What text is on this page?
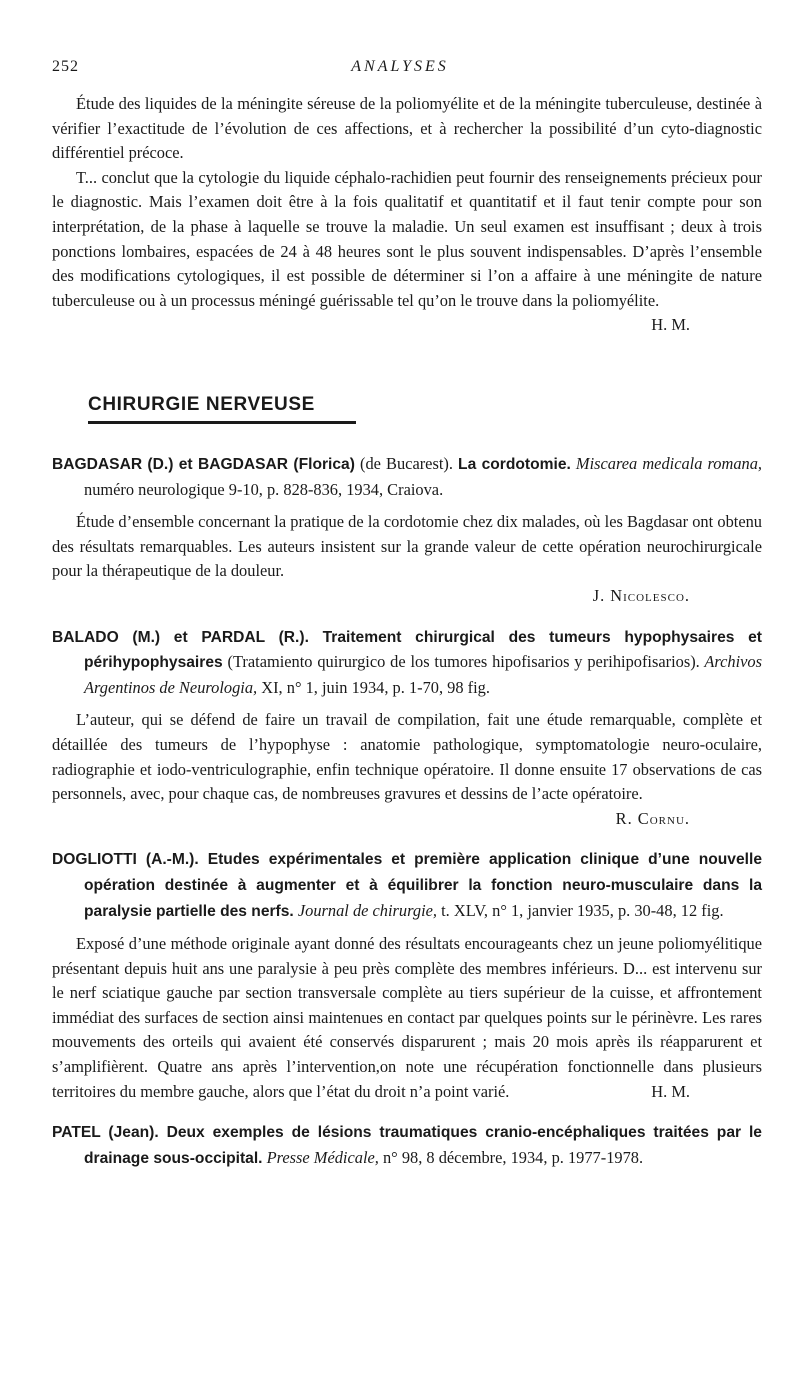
252	ANALYSES

Étude des liquides de la méningite séreuse de la poliomyélite et de la méningite tuberculeuse, destinée à vérifier l’exactitude de l’évolution de ces affections, et à rechercher la possibilité d’un cyto-diagnostic différentiel précoce.

T... conclut que la cytologie du liquide céphalo-rachidien peut fournir des renseignements précieux pour le diagnostic. Mais l’examen doit être à la fois qualitatif et quantitatif et il faut tenir compte pour son interprétation, de la phase à laquelle se trouve la maladie. Un seul examen est insuffisant ; deux à trois ponctions lombaires, espacées de 24 à 48 heures sont le plus souvent indispensables. D’après l’ensemble des modifications cytologiques, il est possible de déterminer si l’on a affaire à une méningite de nature tuberculeuse ou à un processus méningé guérissable tel qu’on le trouve dans la poliomyélite.
H. M.

CHIRURGIE NERVEUSE

BAGDASAR (D.) et BAGDASAR (Florica) (de Bucarest). La cordotomie. Miscarea medicala romana, numéro neurologique 9-10, p. 828-836, 1934, Craiova.

Étude d’ensemble concernant la pratique de la cordotomie chez dix malades, où les Bagdasar ont obtenu des résultats remarquables. Les auteurs insistent sur la grande valeur de cette opération neurochirurgicale pour la thérapeutique de la douleur.

J. Nicolesco.

BALADO (M.) et PARDAL (R.). Traitement chirurgical des tumeurs hypophysaires et périhypophysaires (Tratamiento quirurgico de los tumores hipofisarios y perihipofisarios). Archivos Argentinos de Neurologia, XI, n° 1, juin 1934, p. 1-70, 98 fig.

L’auteur, qui se défend de faire un travail de compilation, fait une étude remarquable, complète et détaillée des tumeurs de l’hypophyse : anatomie pathologique, symptomatologie neuro-oculaire, radiographie et iodo-ventriculographie, enfin technique opératoire. Il donne ensuite 17 observations de cas personnels, avec, pour chaque cas, de nombreuses gravures et dessins de l’acte opératoire.

R. Cornu.

DOGLIOTTI (A.-M.). Etudes expérimentales et première application clinique d’une nouvelle opération destinée à augmenter et à équilibrer la fonction neuro-musculaire dans la paralysie partielle des nerfs. Journal de chirurgie, t. XLV, n° 1, janvier 1935, p. 30-48, 12 fig.

Exposé d’une méthode originale ayant donné des résultats encourageants chez un jeune poliomyélitique présentant depuis huit ans une paralysie à peu près complète des membres inférieurs. D... est intervenu sur le nerf sciatique gauche par section transversale complète au tiers supérieur de la cuisse, et affrontement immédiat des surfaces de section ainsi maintenues en contact par quelques points sur le périnèvre. Les rares mouvements des orteils qui avaient été conservés disparurent ; mais 20 mois après ils réapparurent et s’amplifièrent. Quatre ans après l’intervention,on note une récupération fonctionnelle dans plusieurs territoires du membre gauche, alors que l’état du droit n’a point varié.	H. M.

PATEL (Jean). Deux exemples de lésions traumatiques cranio-encéphaliques traitées par le drainage sous-occipital. Presse Médicale, n° 98, 8 décembre, 1934, p. 1977-1978.
